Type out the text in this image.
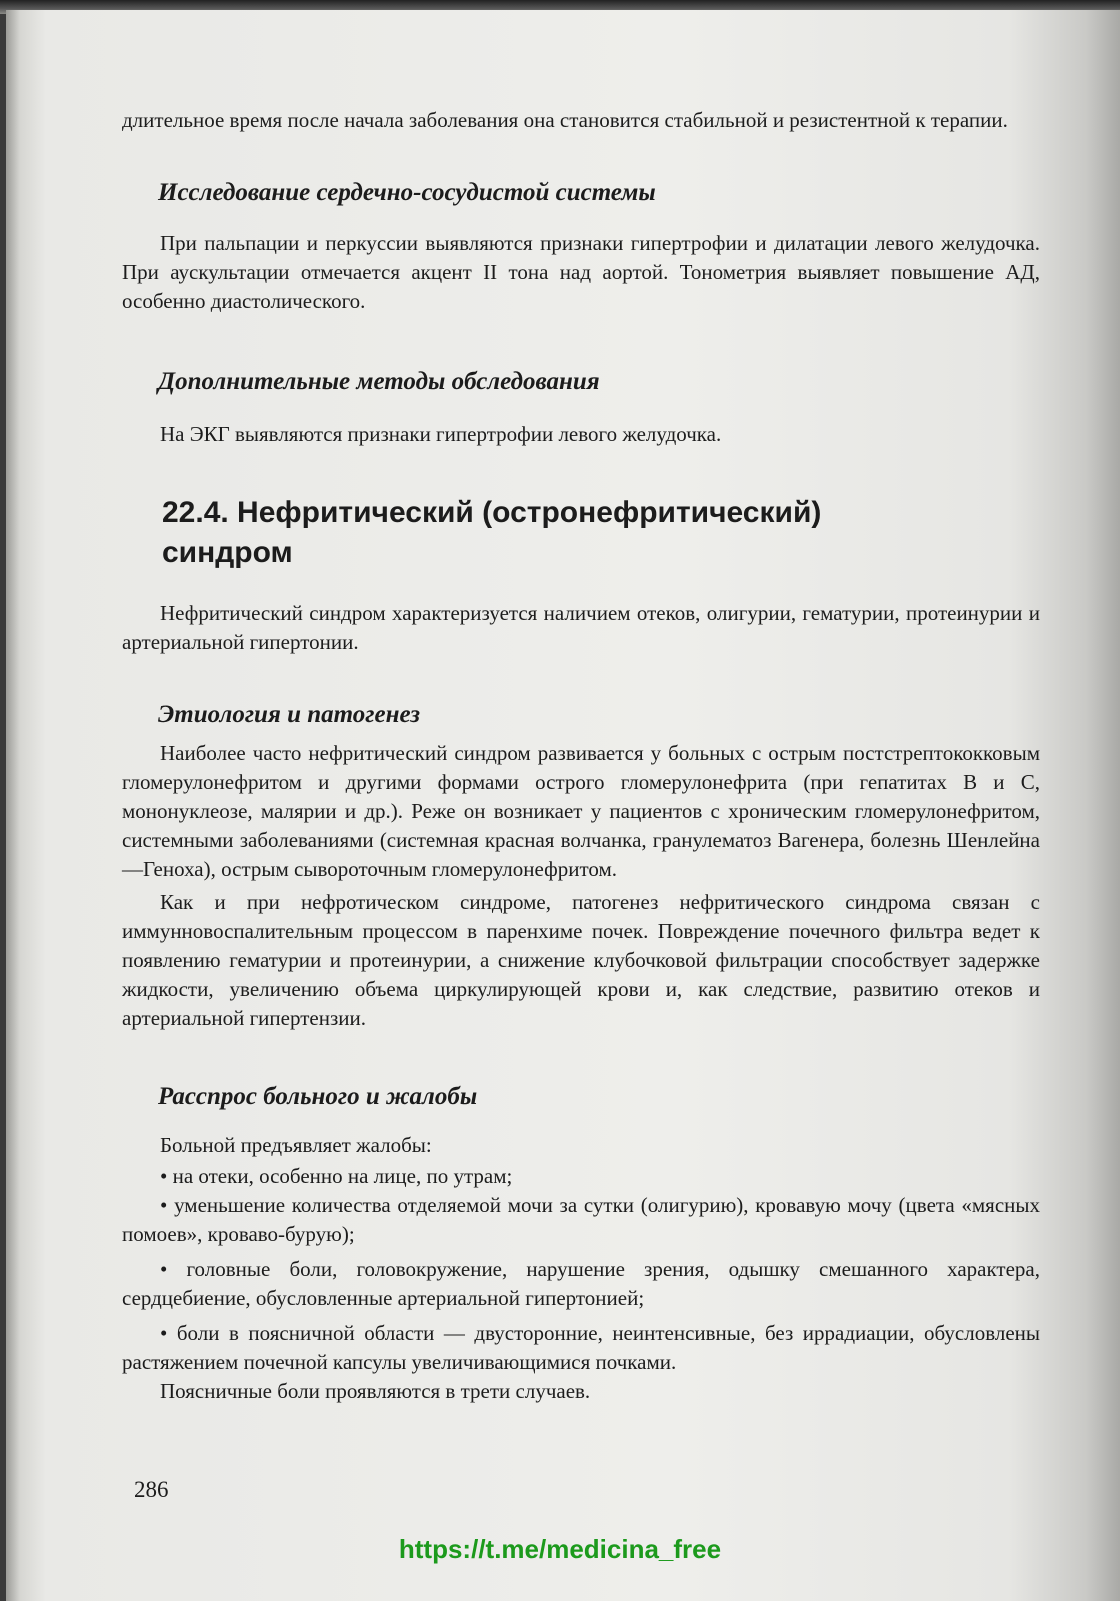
длительное время после начала заболевания она становится стабильной и резистентной к терапии.

Исследование сердечно-сосудистой системы

При пальпации и перкуссии выявляются признаки гипертрофии и дилатации левого желудочка. При аускультации отмечается акцент II тона над аортой. Тонометрия выявляет повышение АД, особенно диастолического.

Дополнительные методы обследования

На ЭКГ выявляются признаки гипертрофии левого желудочка.

22.4. Нефритический (остронефритический) синдром

Нефритический синдром характеризуется наличием отеков, олигурии, гематурии, протеинурии и артериальной гипертонии.

Этиология и патогенез

Наиболее часто нефритический синдром развивается у больных с острым постстрептококковым гломерулонефритом и другими формами острого гломерулонефрита (при гепатитах В и С, мононуклеозе, малярии и др.). Реже он возникает у пациентов с хроническим гломерулонефритом, системными заболеваниями (системная красная волчанка, гранулематоз Вагенера, болезнь Шенлейна—Геноха), острым сывороточным гломерулонефритом.

Как и при нефротическом синдроме, патогенез нефритического синдрома связан с иммунновоспалительным процессом в паренхиме почек. Повреждение почечного фильтра ведет к появлению гематурии и протеинурии, а снижение клубочковой фильтрации способствует задержке жидкости, увеличению объема циркулирующей крови и, как следствие, развитию отеков и артериальной гипертензии.

Расспрос больного и жалобы

Больной предъявляет жалобы:

• на отеки, особенно на лице, по утрам;

• уменьшение количества отделяемой мочи за сутки (олигурию), кровавую мочу (цвета «мясных помоев», кроваво-бурую);

• головные боли, головокружение, нарушение зрения, одышку смешанного характера, сердцебиение, обусловленные артериальной гипертонией;

• боли в поясничной области — двусторонние, неинтенсивные, без иррадиации, обусловлены растяжением почечной капсулы увеличивающимися почками.

Поясничные боли проявляются в трети случаев.

286
https://t.me/medicina_free
